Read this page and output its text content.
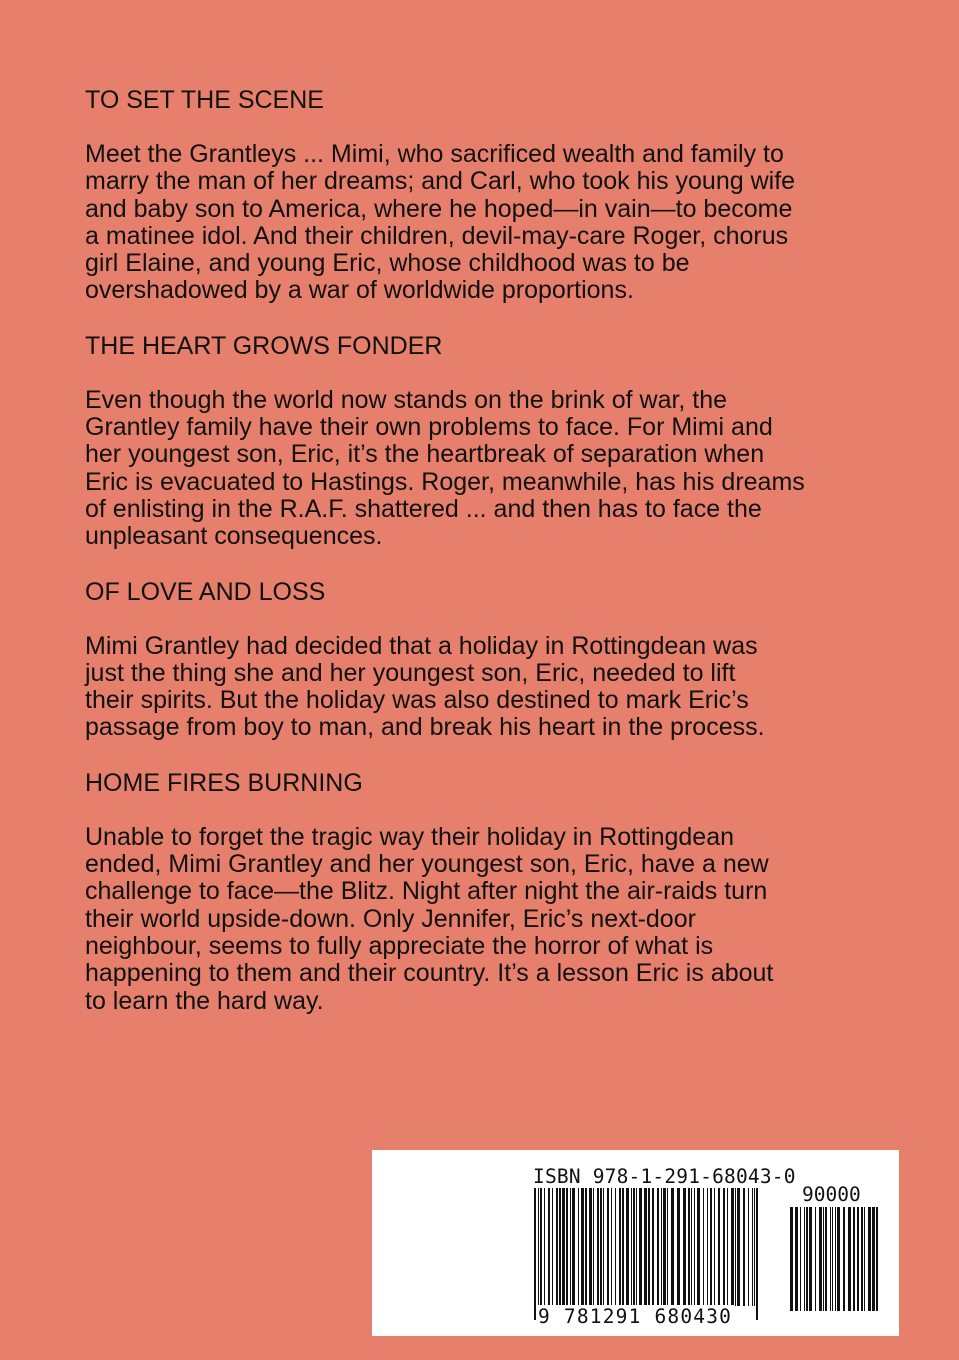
TO SET THE SCENE
Meet the Grantleys ... Mimi, who sacrificed wealth and family to
marry the man of her dreams; and Carl, who took his young wife
and baby son to America, where he hoped—in vain—to become
a matinee idol. And their children, devil-may-care Roger, chorus
girl Elaine, and young Eric, whose childhood was to be
overshadowed by a war of worldwide proportions.
THE HEART GROWS FONDER
Even though the world now stands on the brink of war, the
Grantley family have their own problems to face. For Mimi and
her youngest son, Eric, it’s the heartbreak of separation when
Eric is evacuated to Hastings. Roger, meanwhile, has his dreams
of enlisting in the R.A.F. shattered ... and then has to face the
unpleasant consequences.
OF LOVE AND LOSS
Mimi Grantley had decided that a holiday in Rottingdean was
just the thing she and her youngest son, Eric, needed to lift
their spirits. But the holiday was also destined to mark Eric’s
passage from boy to man, and break his heart in the process.
HOME FIRES BURNING
Unable to forget the tragic way their holiday in Rottingdean
ended, Mimi Grantley and her youngest son, Eric, have a new
challenge to face—the Blitz. Night after night the air-raids turn
their world upside-down. Only Jennifer, Eric’s next-door
neighbour, seems to fully appreciate the horror of what is
happening to them and their country. It’s a lesson Eric is about
to learn the hard way.
ISBN 978-1-291-68043-0
90000
9 781291 680430
